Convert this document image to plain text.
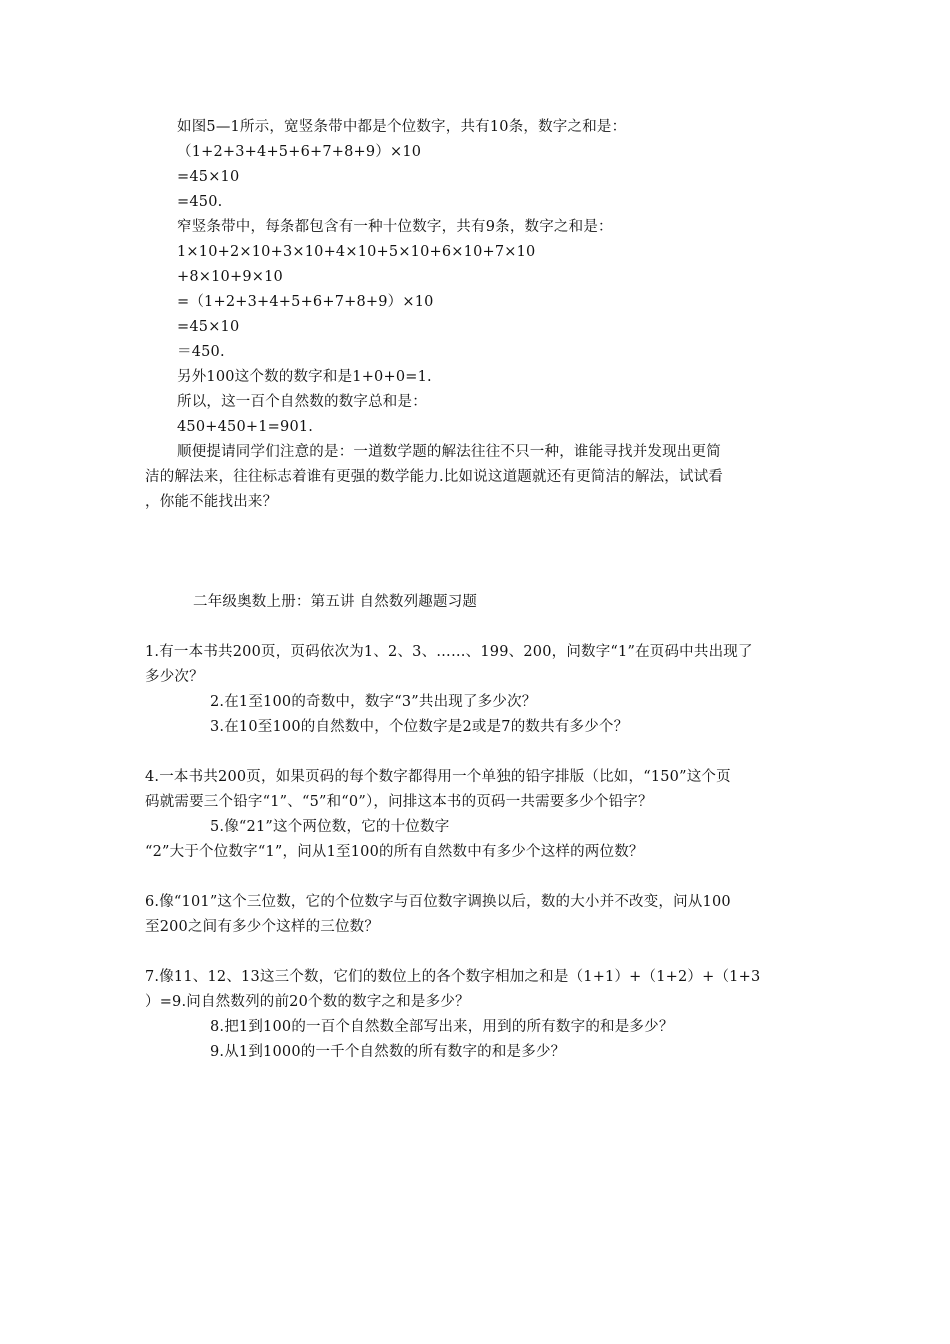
如图5—1所示，宽竖条带中都是个位数字，共有10条，数字之和是：
（1+2+3+4+5+6+7+8+9）×10
=45×10
=450.
窄竖条带中，每条都包含有一种十位数字，共有9条，数字之和是：
1×10+2×10+3×10+4×10+5×10+6×10+7×10
+8×10+9×10
=（1+2+3+4+5+6+7+8+9）×10
=45×10
＝450.
另外100这个数的数字和是1+0+0=1.
所以，这一百个自然数的数字总和是：
450+450+1=901.
顺便提请同学们注意的是：一道数学题的解法往往不只一种，谁能寻找并发现出更简
洁的解法来，往往标志着谁有更强的数学能力.比如说这道题就还有更简洁的解法，试试看
，你能不能找出来？
二年级奥数上册：第五讲 自然数列趣题习题
1.有一本书共200页，页码依次为1、2、3、……、199、200，问数字“1”在页码中共出现了
多少次？
2.在1至100的奇数中，数字“3”共出现了多少次？
3.在10至100的自然数中，个位数字是2或是7的数共有多少个？
4.一本书共200页，如果页码的每个数字都得用一个单独的铅字排版（比如，“150”这个页
码就需要三个铅字“1”、“5”和“0”），问排这本书的页码一共需要多少个铅字？
5.像“21”这个两位数，它的十位数字
“2”大于个位数字“1”，问从1至100的所有自然数中有多少个这样的两位数？
6.像“101”这个三位数，它的个位数字与百位数字调换以后，数的大小并不改变，问从100
至200之间有多少个这样的三位数？
7.像11、12、13这三个数，它们的数位上的各个数字相加之和是（1+1）+（1+2）+（1+3
）=9.问自然数列的前20个数的数字之和是多少？
8.把1到100的一百个自然数全部写出来，用到的所有数字的和是多少？
9.从1到1000的一千个自然数的所有数字的和是多少？
